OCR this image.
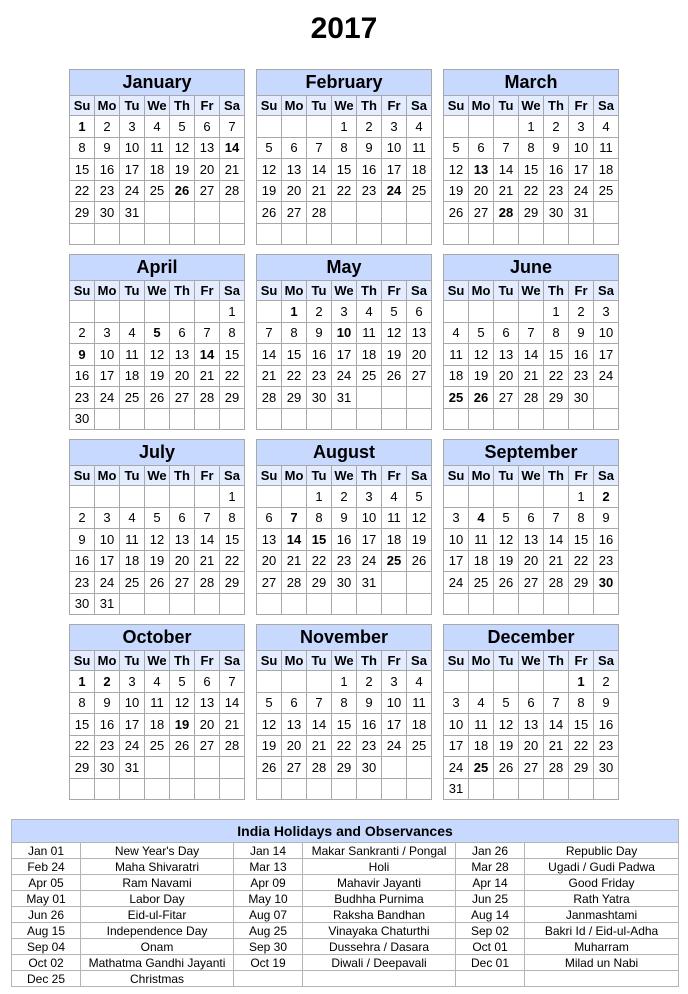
2017
January						
Su	Mo	Tu	We	Th	Fr	Sa
1	2	3	4	5	6	7
8	9	10	11	12	13	14
15	16	17	18	19	20	21
22	23	24	25	26	27	28
29	30	31				

February						
Su	Mo	Tu	We	Th	Fr	Sa
			1	2	3	4
5	6	7	8	9	10	11
12	13	14	15	16	17	18
19	20	21	22	23	24	25
26	27	28				

March						
Su	Mo	Tu	We	Th	Fr	Sa
			1	2	3	4
5	6	7	8	9	10	11
12	13	14	15	16	17	18
19	20	21	22	23	24	25
26	27	28	29	30	31	

April						
Su	Mo	Tu	We	Th	Fr	Sa
						1
2	3	4	5	6	7	8
9	10	11	12	13	14	15
16	17	18	19	20	21	22
23	24	25	26	27	28	29
30						
May						
Su	Mo	Tu	We	Th	Fr	Sa
	1	2	3	4	5	6
7	8	9	10	11	12	13
14	15	16	17	18	19	20
21	22	23	24	25	26	27
28	29	30	31			

June						
Su	Mo	Tu	We	Th	Fr	Sa
				1	2	3
4	5	6	7	8	9	10
11	12	13	14	15	16	17
18	19	20	21	22	23	24
25	26	27	28	29	30	

July						
Su	Mo	Tu	We	Th	Fr	Sa
						1
2	3	4	5	6	7	8
9	10	11	12	13	14	15
16	17	18	19	20	21	22
23	24	25	26	27	28	29
30	31					
August						
Su	Mo	Tu	We	Th	Fr	Sa
		1	2	3	4	5
6	7	8	9	10	11	12
13	14	15	16	17	18	19
20	21	22	23	24	25	26
27	28	29	30	31		

September						
Su	Mo	Tu	We	Th	Fr	Sa
					1	2
3	4	5	6	7	8	9
10	11	12	13	14	15	16
17	18	19	20	21	22	23
24	25	26	27	28	29	30

October						
Su	Mo	Tu	We	Th	Fr	Sa
1	2	3	4	5	6	7
8	9	10	11	12	13	14
15	16	17	18	19	20	21
22	23	24	25	26	27	28
29	30	31				

November						
Su	Mo	Tu	We	Th	Fr	Sa
			1	2	3	4
5	6	7	8	9	10	11
12	13	14	15	16	17	18
19	20	21	22	23	24	25
26	27	28	29	30		

December						
Su	Mo	Tu	We	Th	Fr	Sa
					1	2
3	4	5	6	7	8	9
10	11	12	13	14	15	16
17	18	19	20	21	22	23
24	25	26	27	28	29	30
31						
India Holidays and Observances					
Jan 01	New Year's Day	Jan 14	Makar Sankranti / Pongal	Jan 26	Republic Day
Feb 24	Maha Shivaratri	Mar 13	Holi	Mar 28	Ugadi / Gudi Padwa
Apr 05	Ram Navami	Apr 09	Mahavir Jayanti	Apr 14	Good Friday
May 01	Labor Day	May 10	Budhha Purnima	Jun 25	Rath Yatra
Jun 26	Eid-ul-Fitar	Aug 07	Raksha Bandhan	Aug 14	Janmashtami
Aug 15	Independence Day	Aug 25	Vinayaka Chaturthi	Sep 02	Bakri Id / Eid-ul-Adha
Sep 04	Onam	Sep 30	Dussehra / Dasara	Oct 01	Muharram
Oct 02	Mathatma Gandhi Jayanti	Oct 19	Diwali / Deepavali	Dec 01	Milad un Nabi
Dec 25	Christmas				
